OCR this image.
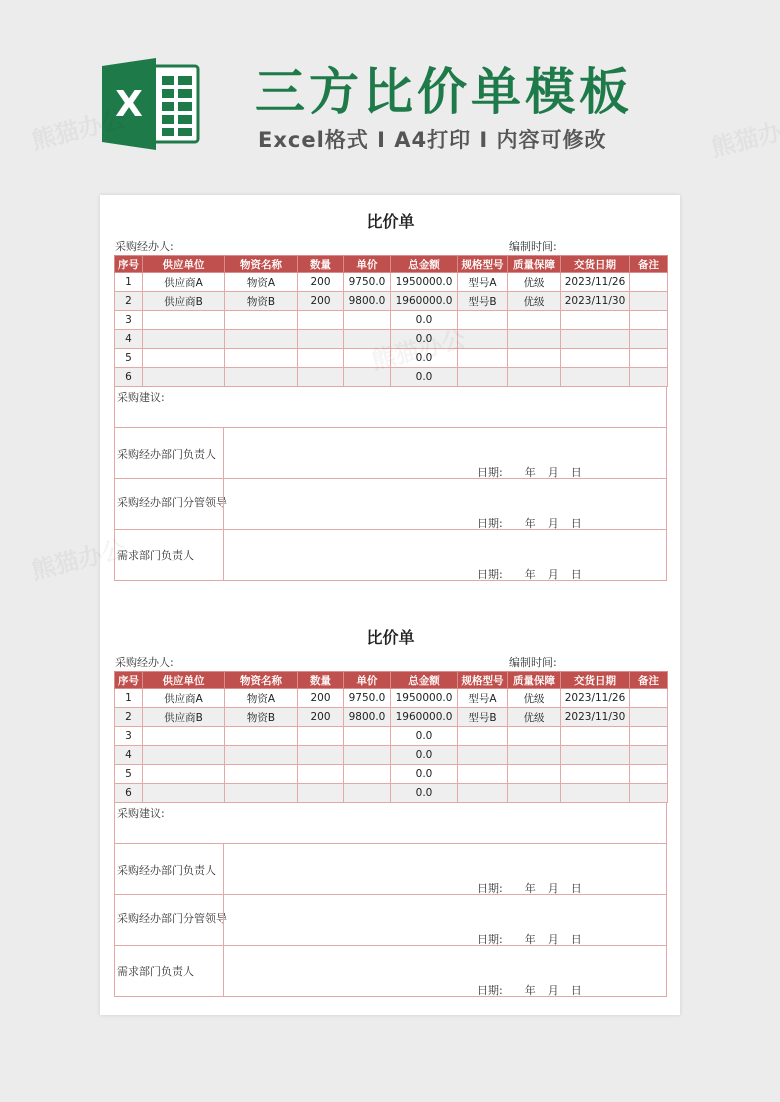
X 三方比价单模板
Excel格式 I A4打印 I 内容可修改
比价单
采购经办人:	编制时间:
序号	供应单位	物资名称	数量	单价	总金额	规格型号	质量保障	交货日期	备注
1	供应商A	物资A	200	9750.0	1950000.0	型号A	优级	2023/11/26	
2	供应商B	物资B	200	9800.0	1960000.0	型号B	优级	2023/11/30	
3					0.0				
4					0.0				
5					0.0				
6					0.0				
采购建议:
采购经办部门负责人
日期: 年 月 日
采购经办部门分管领导
日期: 年 月 日
需求部门负责人
日期: 年 月 日
比价单
采购经办人:	编制时间:
序号	供应单位	物资名称	数量	单价	总金额	规格型号	质量保障	交货日期	备注
1	供应商A	物资A	200	9750.0	1950000.0	型号A	优级	2023/11/26	
2	供应商B	物资B	200	9800.0	1960000.0	型号B	优级	2023/11/30	
3					0.0				
4					0.0				
5					0.0				
6					0.0				
采购建议:
采购经办部门负责人
日期: 年 月 日
采购经办部门分管领导
日期: 年 月 日
需求部门负责人
日期: 年 月 日
